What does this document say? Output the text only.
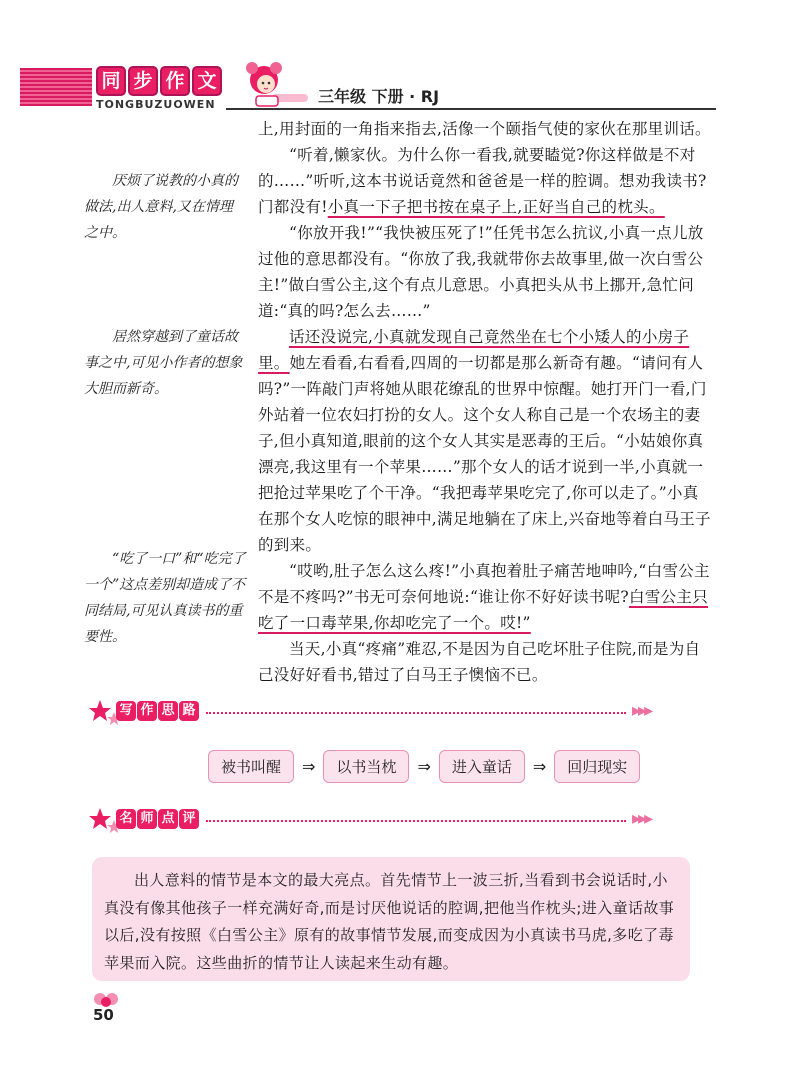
同 步 作 文
TONGBUZUOWEN	三年级 下册 · RJ
厌烦了说教的小真的做法,出人意料,又在情理之中。
居然穿越到了童话故事之中,可见小作者的想象大胆而新奇。
“吃了一口”和“吃完了一个”这点差别却造成了不同结局,可见认真读书的重要性。

上,用封面的一角指来指去,活像一个颐指气使的家伙在那里训话。

“听着,懒家伙。为什么你一看我,就要瞌觉?你这样做是不对的……”听听,这本书说话竟然和爸爸是一样的腔调。想劝我读书?门都没有!小真一下子把书按在桌子上,正好当自己的枕头。

“你放开我!”“我快被压死了!”任凭书怎么抗议,小真一点儿放过他的意思都没有。“你放了我,我就带你去故事里,做一次白雪公主!”做白雪公主,这个有点儿意思。小真把头从书上挪开,急忙问道:“真的吗?怎么去……”

话还没说完,小真就发现自己竟然坐在七个小矮人的小房子里。她左看看,右看看,四周的一切都是那么新奇有趣。“请问有人吗?”一阵敲门声将她从眼花缭乱的世界中惊醒。她打开门一看,门外站着一位农妇打扮的女人。这个女人称自己是一个农场主的妻子,但小真知道,眼前的这个女人其实是恶毒的王后。“小姑娘你真漂亮,我这里有一个苹果……”那个女人的话才说到一半,小真就一把抢过苹果吃了个干净。“我把毒苹果吃完了,你可以走了。”小真在那个女人吃惊的眼神中,满足地躺在了床上,兴奋地等着白马王子的到来。

“哎哟,肚子怎么这么疼!”小真抱着肚子痛苦地呻吟,“白雪公主不是不疼吗?”书无可奈何地说:“谁让你不好好读书呢?白雪公主只吃了一口毒苹果,你却吃完了一个。哎!”

当天,小真“疼痛”难忍,不是因为自己吃坏肚子住院,而是为自己没好好看书,错过了白马王子懊恼不已。

写 作 思 路	▸▸▸
被书叫醒	⇒	以书当枕	⇒	进入童话	⇒	回归现实
名 师 点 评	▸▸▸

出人意料的情节是本文的最大亮点。首先情节上一波三折,当看到书会说话时,小真没有像其他孩子一样充满好奇,而是讨厌他说话的腔调,把他当作枕头;进入童话故事以后,没有按照《白雪公主》原有的故事情节发展,而变成因为小真读书马虎,多吃了毒苹果而入院。这些曲折的情节让人读起来生动有趣。

50
